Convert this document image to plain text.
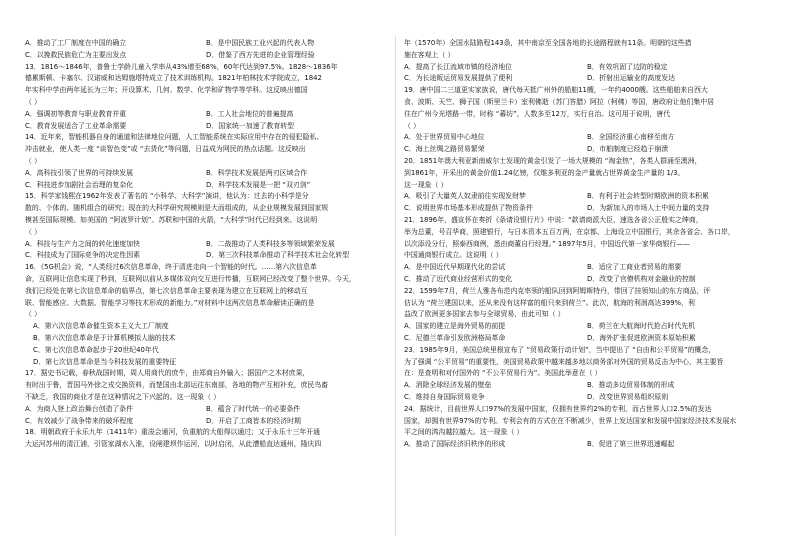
A．推动了工厂制度在中国的确立	B．是中国民族工业兴起的代表人物
C．以挽救民族危亡为主要出发点	D．借鉴了西方先进的企业管理经验
13．1816～1846年，普鲁士学龄儿童入学率从43%增至68%，60年代达到97.5%。1828～1836年
德累斯顿、卡塞尔、汉诺威和达姆施塔特成立了技术训练机构。1821年柏林技术学院成立，1842
年实科中学由两年延长为三年；开设算术、几何、数学、化学和矿物学等学科。这反映出德国
（ ）
A．强调初等教育与职业教育并重	B．工人社会地位的普遍提高
C．教育发展适合了工业革命需要	D．国家统一加速了教育转型
14．近年来，智能机器自身的通道和法律地位问题，人工智能系统在实际应用中存在的侵犯隐私、
冲击就业，使人类一度 “谈智色变”或 “去货化”等问题，日益成为网民的热点话题。这反映出
（ ）
A．高科技引领了世界的可持续发展	B．科学技术发展是两刃区域合作
C．科技进步加剧社会治理的复杂化	D．科学技术发展是一把 “双刃剑”
15．科学家钱熙在1962年发表了著名的 “小科学、大科学”演讲，他认为：过去的小科学是分
散的、个体的、随机组合的研究；现在的大科学研究规模则是大而组成的，从企业规模发展到国家规
模甚至国际规模。如美国的 “阿波罗计划”、苏联和中国的火箭，“大科学”时代已经到来。这说明
（ ）
A．科技与生产力之间的转化速度加快	B．二战推动了人类科技多等领域繁荣发展
C．科技成为了国际竞争的决定性因素	D．第三次科技革命推动了科学技术社会化转型
16．《5G机会》说，“人类经过6次信息革命，终于清进走向一个智能的时代。……第六次信息革
命，互联网让信息实现了秒到，互联网以前从多媒体双向交互进行传播，互联网已经改变了整个世界。今天，
我们已经处在第七次信息革命的临界点，第七次信息革命主要表现为建立在互联网上的移动互
联、智能感应、大数据、智能学习等技术形成的新能力。”对材料中这两次信息革命解读正确的是
（ ）
A．第六次信息革命催生资本主义大工厂制度
B．第六次信息革命是于计算机模拟人脑的技术
C．第七次信息革命起步于20世纪40年代
D．第七次信息革命是当今科技发展的重要特征
17．据史书记载，春秋战国时期，周人用商代的庶牛，由郑商自外输入；据国产之木材庶果，
有时出于鲁，晋国马外徐之戎交换资料，而楚国由北部运往东南部，各地的物产互相补充，庶民鸟畜
不缺乏，我国的商业才是在这种情况之下兴起的。这一现象（ ）
A．为商人登上政治舞台创造了条件	B．蕴含了时代统一的必要条件
C．有效减少了战争带来的破坏程度	D．开启了工商皆本的经济时期
18．明朝政府于永乐九年（1411年）重浚会通河，负重航的大船得以通过；又于永乐十三年开通
大运河苏州的清江浦，引管家湖水入淮，设闸建坝作运河，以时启闭，从此漕船直达通州，隆庆四
年（1570年）全国水陆路程143条，其中南京至全国各地的长途路程就有11条。明朝的这些措
施在客观上（ ）
A．提高了长江流域市镇的经济地位	B．有效巩固了边防的稳定
C．为长途贩运贸易发展提供了便利	D．折射出运输业的高度发达
19．唐中国二三道更实家族说，唐代每天抵广州外的船舶11艘，一年约4000艘。这些船舶来自西大
食、波斯、天竺、狮子国（斯里兰卡）室利佛逝（苏门答腊）阿拉（柯佛）等国，唐政府让他们集中居
住在广州今光塔路一带，时称 “蕃坊”，人数多至12万，实行自治。这可用于说明，唐代
（ ）
A．处于世界贸易中心地位	B．全国经济重心南移至南方
C．海上丝绸之路贸易繁荣	D．市舶制度已经趋于崩溃
20．1851年澳大利亚新南威尔士发现的黄金引发了一场大规模的 “淘金热”，各类人群涌至澳洲，
到1861年，开采出的黄金价值1.24亿镑，仅维多利亚的金产量就占世界黄金生产量的 1/3。
这一现象（ ）
A．吸引了大量英人奴隶前往实现发财梦	B．有利于社会转型时期欧洲的资本积累
C．说明世界市场基本形成提供了物资条件	D．为新加入的市场人士中间力量的支持
21．1896年，盛宣怀在奏折《条请设银行片》中说：“款请商派大臣，速选各省公正殷实之绅商，
举为总董，号召华商，照建银行，与日本资本五百万两，在京都、上海设立中国银行，其余各省会、各口岸，
以次添设分行，照泰西商例，悉由商董自行经理。” 1897年5月，中国近代第一家华商银行——
中国通商银行成立。这说明（ ）
A．是中国近代早期现代化的尝试	B．适应了工商业者贸易的需要
C．推动了近代商业经营形式的变化	D．改变了官僚机构对金融业的控制
22．1599年7月，荷兰人雅各布范内克率领的船队回到阿姆斯特丹，带回了挂领知山的东方商品，评
估认为 “荷兰建国以来，还从来没有这样富的船只来到荷兰”。此次，航海的利润高达399%，利
益改了欧洲更多国家去参与全球贸易，由此可知（ ）
A．国家的建立是海外贸易的前提	B．荷兰在大航海时代抢占时代先机
C．尼德兰革命引发欧洲格局革命	D．海外扩张促进欧洲资本原始积累
23．1985年9月，美国总统里根宣布了 “贸易政策行动计划”，当中提出了 “自由和公平贸易”的概念，
为了强调 “公平贸易”的重要性，美国贸易政策中越来越多地以商务部对外国的贸易反击为中心，其主要旨
在：是查明和对付国外的 “不公平贸易行为”。美国此举意在（ ）
A．消除全球经济发展的壁垒	B．推动多边贸易体制的形成
C．维持自身国际贸易竞争	D．改变世界贸易组织原则
24．据统计，目前世界人口97%的发展中国家，仅拥有世界约2%的专利，而占世界人口2.5%的发达
国家，却拥有世界97%的专利。专利会有的方式在在不断减少，世界上发达国家和发展中国家经济技术发展水
平之间的鸿沟越拉越大。这一现象（ ）
A．推动了国际经济旧秩序的形成	B．促进了第三世界迅速崛起
